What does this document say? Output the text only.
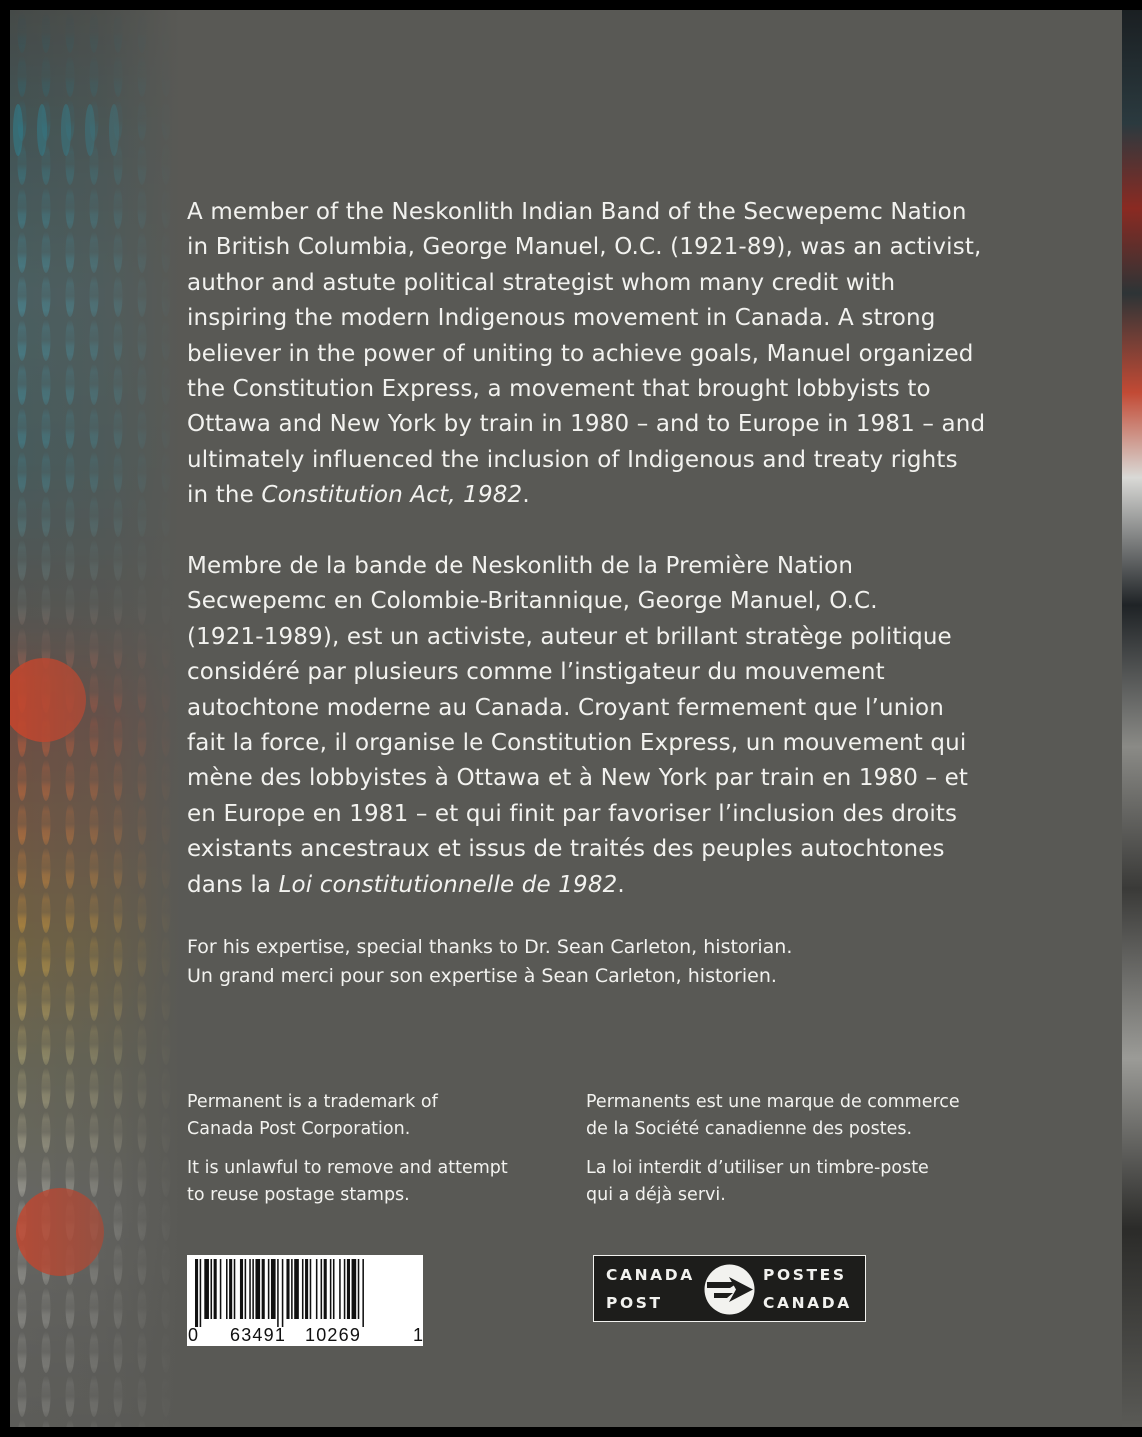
A member of the Neskonlith Indian Band of the Secwepemc Nation
in British Columbia, George Manuel, O.C. (1921-89), was an activist,
author and astute political strategist whom many credit with
inspiring the modern Indigenous movement in Canada. A strong
believer in the power of uniting to achieve goals, Manuel organized
the Constitution Express, a movement that brought lobbyists to
Ottawa and New York by train in 1980 – and to Europe in 1981 – and
ultimately influenced the inclusion of Indigenous and treaty rights
in the Constitution Act, 1982.

Membre de la bande de Neskonlith de la Première Nation
Secwepemc en Colombie-Britannique, George Manuel, O.C.
(1921-1989), est un activiste, auteur et brillant stratège politique
considéré par plusieurs comme l’instigateur du mouvement
autochtone moderne au Canada. Croyant fermement que l’union
fait la force, il organise le Constitution Express, un mouvement qui
mène des lobbyistes à Ottawa et à New York par train en 1980 – et
en Europe en 1981 – et qui finit par favoriser l’inclusion des droits
existants ancestraux et issus de traités des peuples autochtones
dans la Loi constitutionnelle de 1982.

For his expertise, special thanks to Dr. Sean Carleton, historian.
Un grand merci pour son expertise à Sean Carleton, historien.

Permanent is a trademark of
Canada Post Corporation.

It is unlawful to remove and attempt
to reuse postage stamps.

Permanents est une marque de commerce
de la Société canadienne des postes.

La loi interdit d’utiliser un timbre-poste
qui a déjà servi.

0 63491 10269	1
CANADA
POST
POSTES
CANADA
